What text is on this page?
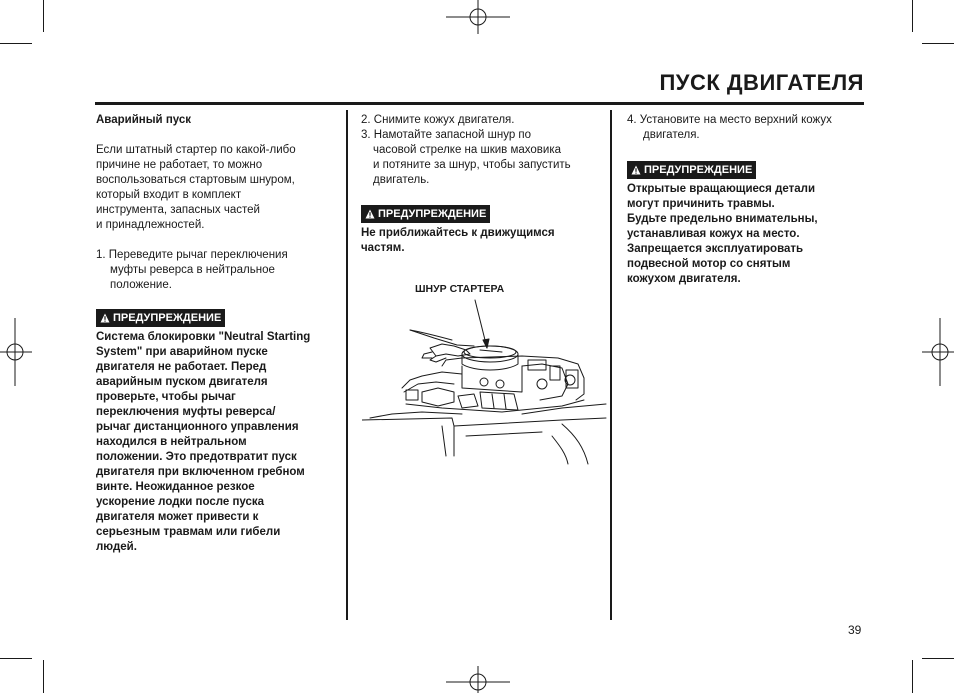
ПУСК ДВИГАТЕЛЯ
Аварийный пуск
Если штатный стартер по какой-либо
причине не работает, то можно
воспользоваться стартовым шнуром,
который входит в комплект
инструмента, запасных частей
и принадлежностей.
1. Переведите рычаг переключения
муфты реверса в нейтральное
положение.
ПРЕДУПРЕЖДЕНИЕ
Система блокировки "Neutral Starting
System" при аварийном пуске
двигателя не работает. Перед
аварийным пуском двигателя
проверьте, чтобы рычаг
переключения муфты реверса/
рычаг дистанционного управления
находился в нейтральном
положении. Это предотвратит пуск
двигателя при включенном гребном
винте. Неожиданное резкое
ускорение лодки после пуска
двигателя может привести к
серьезным травмам или гибели
людей.
2. Снимите кожух двигателя.
3. Намотайте запасной шнур по
часовой стрелке на шкив маховика
и потяните за шнур, чтобы запустить
двигатель.
ПРЕДУПРЕЖДЕНИЕ
Не приближайтесь к движущимся
частям.
ШНУР СТАРТЕРА
4. Установите на место верхний кожух
двигателя.
ПРЕДУПРЕЖДЕНИЕ
Открытые вращающиеся детали
могут причинить травмы.
Будьте предельно внимательны,
устанавливая кожух на место.
Запрещается эксплуатировать
подвесной мотор со снятым
кожухом двигателя.
39
